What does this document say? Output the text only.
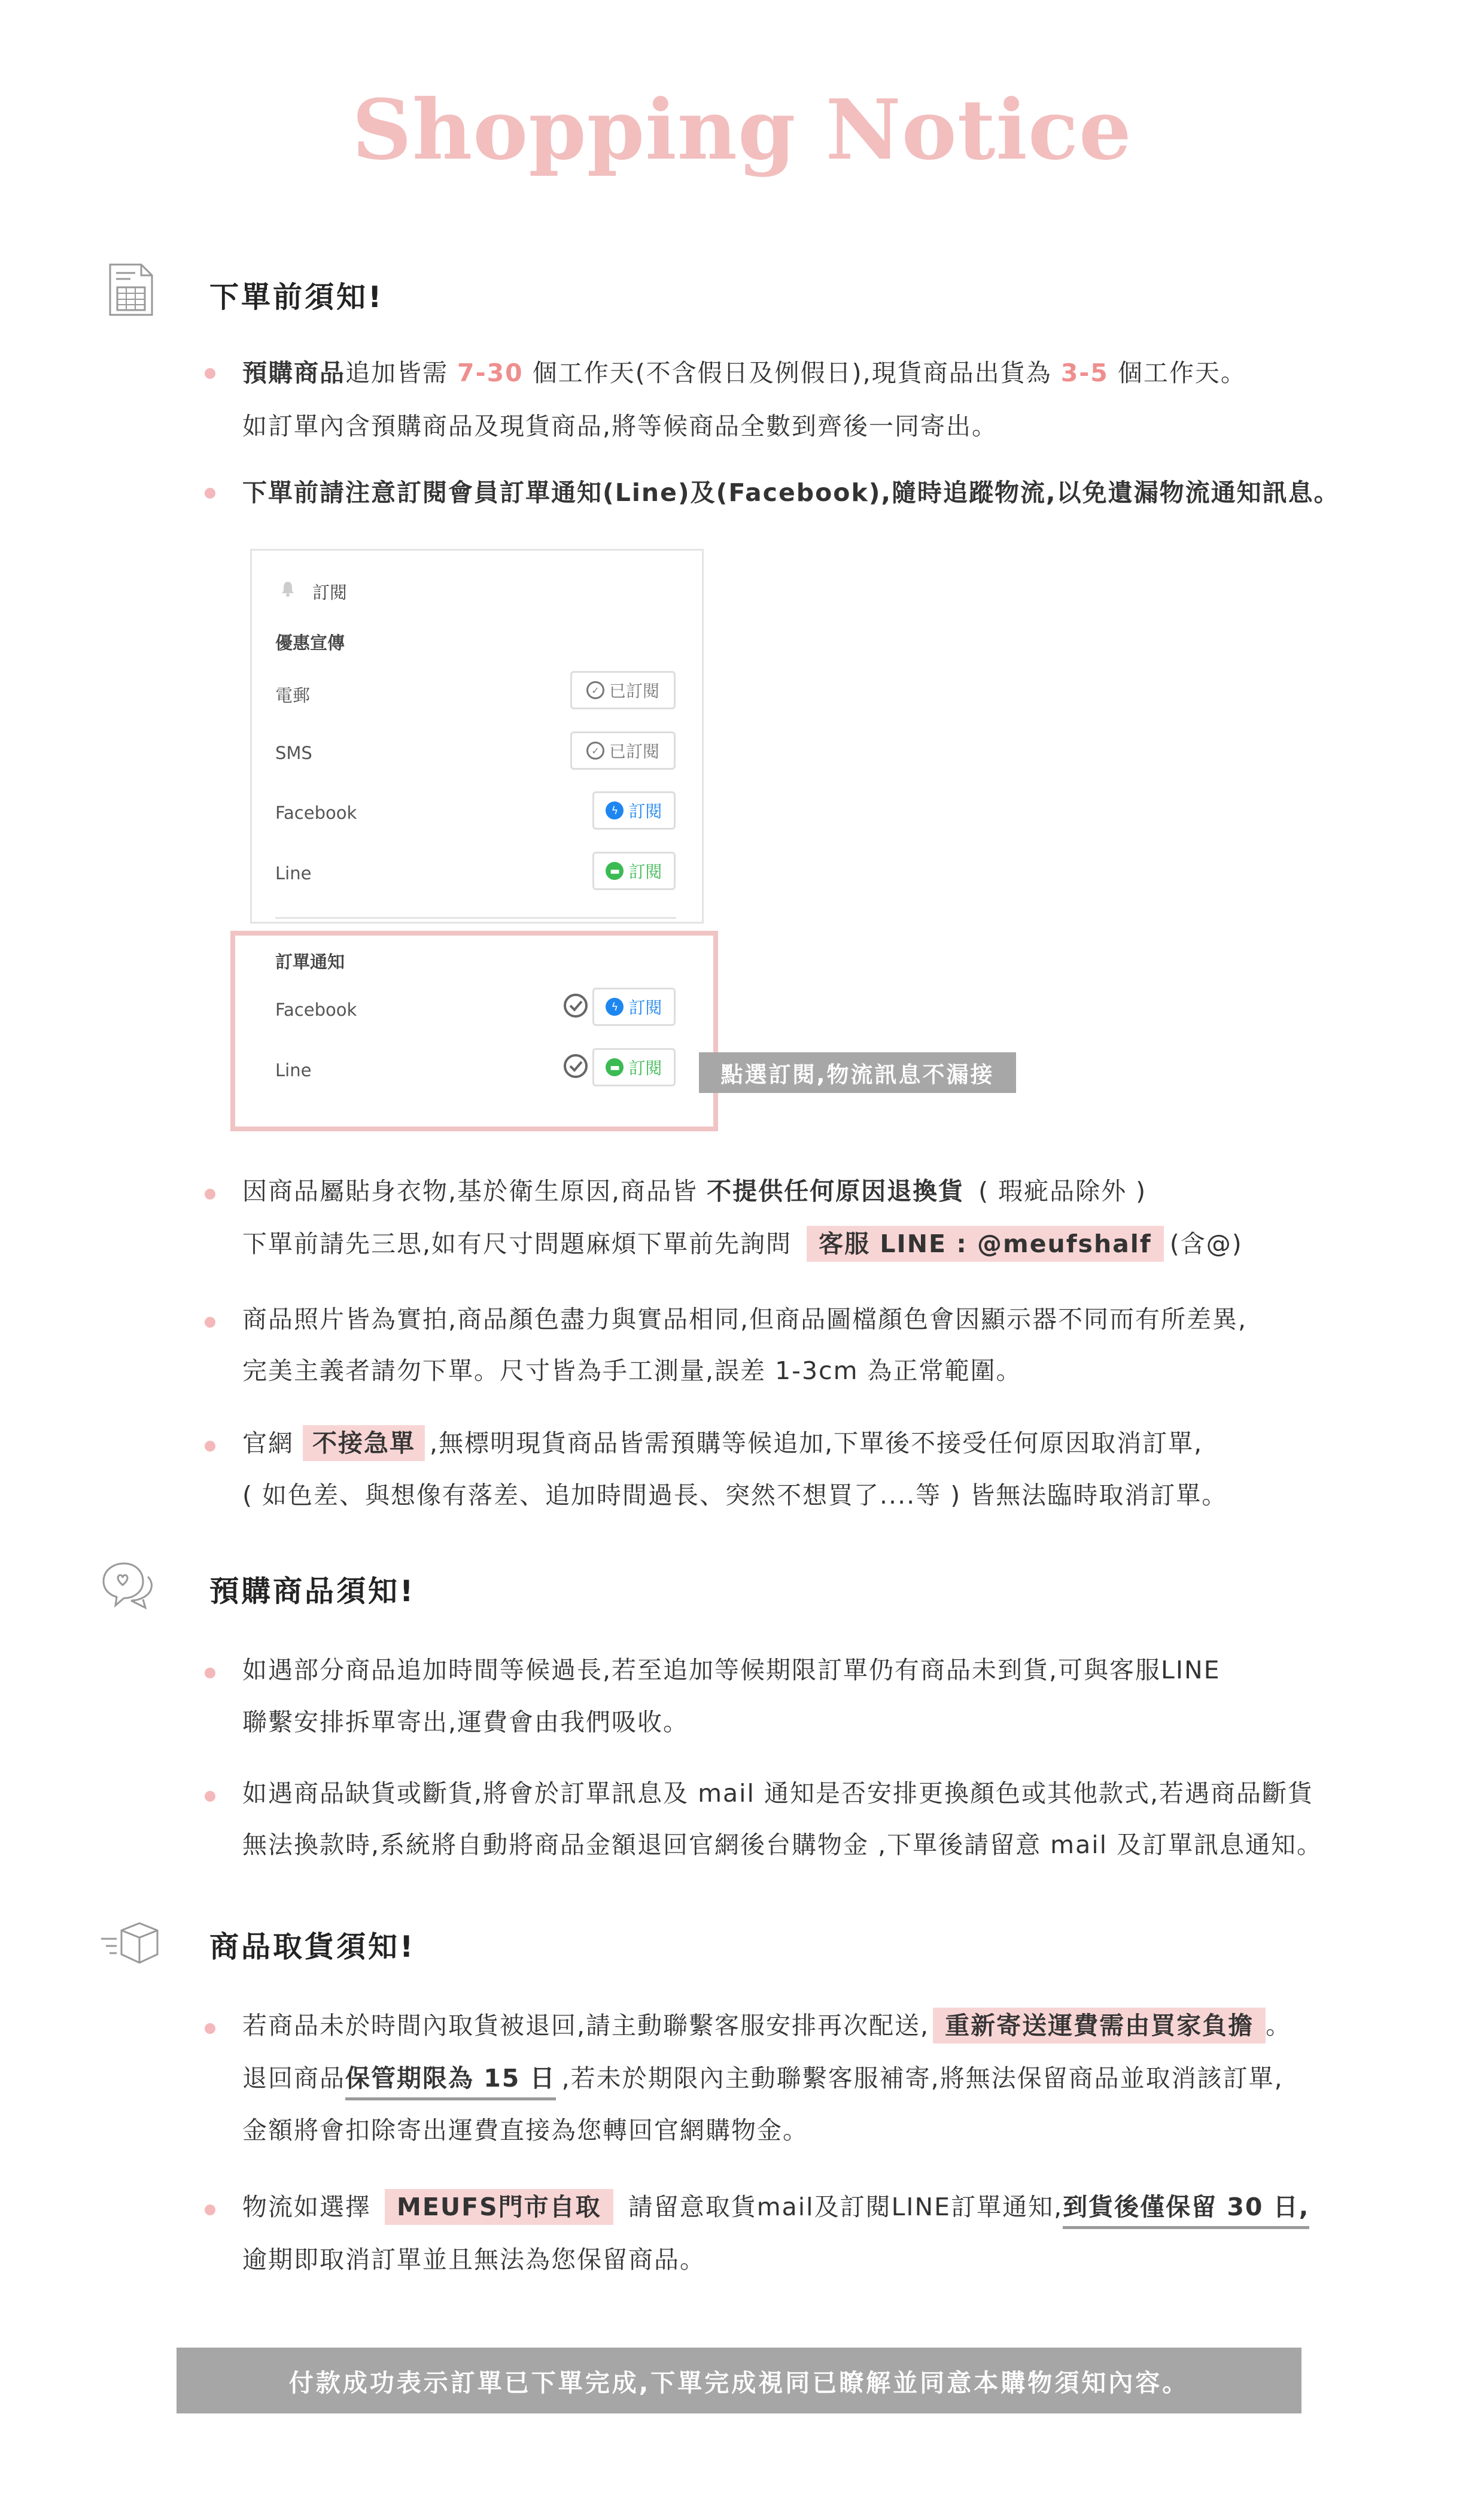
Shopping Notice
下單前須知!
預購商品追加皆需 7-30 個工作天(不含假日及例假日),現貨商品出貨為 3-5 個工作天。
如訂單內含預購商品及現貨商品,將等候商品全數到齊後一同寄出。
下單前請注意訂閱會員訂單通知(Line)及(Facebook),隨時追蹤物流,以免遺漏物流通知訊息。
訂閱
優惠宣傳
電郵	✓ 已訂閱
SMS	✓ 已訂閱
Facebook	ϟ 訂閱
Line	▬ 訂閱
訂單通知
Facebook	ϟ 訂閱
Line	▬ 訂閱	點選訂閱,物流訊息不漏接
因商品屬貼身衣物,基於衛生原因,商品皆 不提供任何原因退換貨 ( 瑕疵品除外 )
下單前請先三思,如有尺寸問題麻煩下單前先詢問 客服 LINE : @meufshalf (含@)
商品照片皆為實拍,商品顏色盡力與實品相同,但商品圖檔顏色會因顯示器不同而有所差異,
完美主義者請勿下單。尺寸皆為手工測量,誤差 1-3cm 為正常範圍。
官網 不接急單 ,無標明現貨商品皆需預購等候追加,下單後不接受任何原因取消訂單,
( 如色差、與想像有落差、追加時間過長、突然不想買了....等 ) 皆無法臨時取消訂單。
預購商品須知!
如遇部分商品追加時間等候過長,若至追加等候期限訂單仍有商品未到貨,可與客服LINE
聯繫安排拆單寄出,運費會由我們吸收。
如遇商品缺貨或斷貨,將會於訂單訊息及 mail 通知是否安排更換顏色或其他款式,若遇商品斷貨
無法換款時,系統將自動將商品金額退回官網後台購物金 ,下單後請留意 mail 及訂單訊息通知。
商品取貨須知!
若商品未於時間內取貨被退回,請主動聯繫客服安排再次配送, 重新寄送運費需由買家負擔 。
退回商品保管期限為 15 日 ,若未於期限內主動聯繫客服補寄,將無法保留商品並取消該訂單,
金額將會扣除寄出運費直接為您轉回官網購物金。
物流如選擇 MEUFS門市自取 請留意取貨mail及訂閱LINE訂單通知,到貨後僅保留 30 日,
逾期即取消訂單並且無法為您保留商品。
付款成功表示訂單已下單完成,下單完成視同已瞭解並同意本購物須知內容。
